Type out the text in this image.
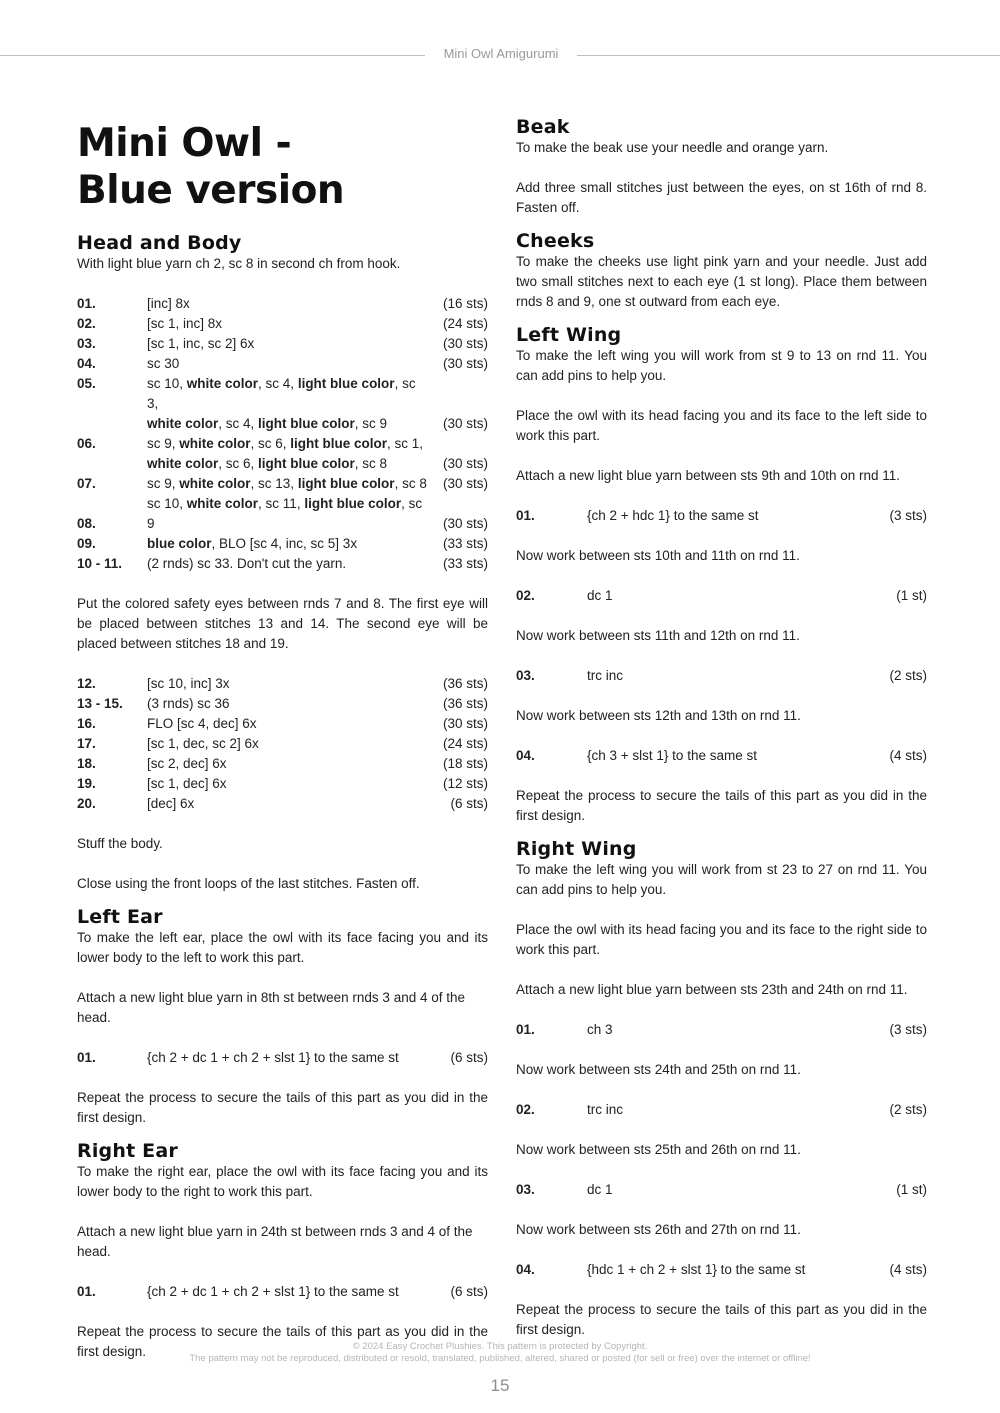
Mini Owl Amigurumi
Mini Owl -
Blue version
Head and Body

With light blue yarn ch 2, sc 8 in second ch from hook.

01.	[inc] 8x	(16 sts)
02.	[sc 1, inc] 8x	(24 sts)
03.	[sc 1, inc, sc 2] 6x	(30 sts)
04.	sc 30	(30 sts)
05.	sc 10, white color, sc 4, light blue color, sc 3,
white color, sc 4, light blue color, sc 9	(30 sts)
06.	sc 9, white color, sc 6, light blue color, sc 1,
white color, sc 6, light blue color, sc 8	(30 sts)
07.	sc 9, white color, sc 13, light blue color, sc 8	(30 sts)
08.
sc 10, white color, sc 11, light blue color, sc 9	(30 sts)
09.	blue color, BLO [sc 4, inc, sc 5] 3x	(33 sts)
10 - 11.	(2 rnds) sc 33. Don't cut the yarn.	(33 sts)

Put the colored safety eyes between rnds 7 and 8. The first eye will be placed between stitches 13 and 14. The second eye will be placed between stitches 18 and 19.

12.	[sc 10, inc] 3x	(36 sts)
13 - 15.	(3 rnds) sc 36	(36 sts)
16.	FLO [sc 4, dec] 6x	(30 sts)
17.	[sc 1, dec, sc 2] 6x	(24 sts)
18.	[sc 2, dec] 6x	(18 sts)
19.	[sc 1, dec] 6x	(12 sts)
20.	[dec] 6x	(6 sts)

Stuff the body.

Close using the front loops of the last stitches. Fasten off.

Left Ear

To make the left ear, place the owl with its face facing you and its lower body to the left to work this part.

Attach a new light blue yarn in 8th st between rnds 3 and 4 of the head.

01.	{ch 2 + dc 1 + ch 2 + slst 1} to the same st	(6 sts)

Repeat the process to secure the tails of this part as you did in the first design.

Right Ear

To make the right ear, place the owl with its face facing you and its lower body to the right to work this part.

Attach a new light blue yarn in 24th st between rnds 3 and 4 of the head.

01.	{ch 2 + dc 1 + ch 2 + slst 1} to the same st	(6 sts)

Repeat the process to secure the tails of this part as you did in the first design.

Beak

To make the beak use your needle and orange yarn.

Add three small stitches just between the eyes, on st 16th of rnd 8. Fasten off.

Cheeks

To make the cheeks use light pink yarn and your needle. Just add two small stitches next to each eye (1 st long). Place them between rnds 8 and 9, one st outward from each eye.

Left Wing

To make the left wing you will work from st 9 to 13 on rnd 11. You can add pins to help you.

Place the owl with its head facing you and its face to the left side to work this part.

Attach a new light blue yarn between sts 9th and 10th on rnd 11.

01.	{ch 2 + hdc 1} to the same st	(3 sts)

Now work between sts 10th and 11th on rnd 11.

02.	dc 1	(1 st)

Now work between sts 11th and 12th on rnd 11.

03.	trc inc	(2 sts)

Now work between sts 12th and 13th on rnd 11.

04.	{ch 3 + slst 1} to the same st	(4 sts)

Repeat the process to secure the tails of this part as you did in the first design.

Right Wing

To make the left wing you will work from st 23 to 27 on rnd 11. You can add pins to help you.

Place the owl with its head facing you and its face to the right side to work this part.

Attach a new light blue yarn between sts 23th and 24th on rnd 11.

01.	ch 3	(3 sts)

Now work between sts 24th and 25th on rnd 11.

02.	trc inc	(2 sts)

Now work between sts 25th and 26th on rnd 11.

03.	dc 1	(1 st)

Now work between sts 26th and 27th on rnd 11.

04.	{hdc 1 + ch 2 + slst 1} to the same st	(4 sts)

Repeat the process to secure the tails of this part as you did in the first design.

© 2024 Easy Crochet Plushies. This pattern is protected by Copyright.
The pattern may not be reproduced, distributed or resold, translated, published, altered, shared or posted (for sell or free) over the internet or offline!
15
